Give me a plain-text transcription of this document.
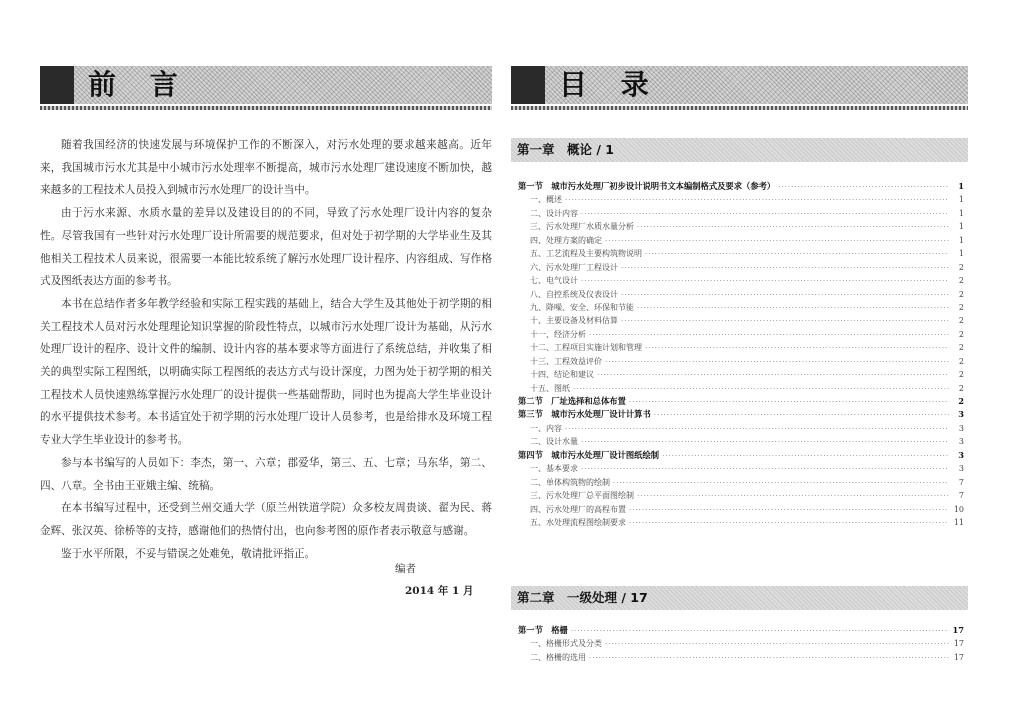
前 言

随着我国经济的快速发展与环境保护工作的不断深入，对污水处理的要求越来越高。近年来，我国城市污水尤其是中小城市污水处理率不断提高，城市污水处理厂建设速度不断加快，越来越多的工程技术人员投入到城市污水处理厂的设计当中。

由于污水来源、水质水量的差异以及建设目的的不同，导致了污水处理厂设计内容的复杂性。尽管我国有一些针对污水处理厂设计所需要的规范要求，但对处于初学期的大学毕业生及其他相关工程技术人员来说，很需要一本能比较系统了解污水处理厂设计程序、内容组成、写作格式及图纸表达方面的参考书。

本书在总结作者多年教学经验和实际工程实践的基础上，结合大学生及其他处于初学期的相关工程技术人员对污水处理理论知识掌握的阶段性特点，以城市污水处理厂设计为基础，从污水处理厂设计的程序、设计文件的编制、设计内容的基本要求等方面进行了系统总结，并收集了相关的典型实际工程图纸，以明确实际工程图纸的表达方式与设计深度，力图为处于初学期的相关工程技术人员快速熟练掌握污水处理厂的设计提供一些基础帮助，同时也为提高大学生毕业设计的水平提供技术参考。本书适宜处于初学期的污水处理厂设计人员参考，也是给排水及环境工程专业大学生毕业设计的参考书。

参与本书编写的人员如下：李杰，第一、六章；郡爱华，第三、五、七章；马东华，第二、四、八章。全书由王亚娥主编、统稿。

在本书编写过程中，还受到兰州交通大学（原兰州铁道学院）众多校友周贵谈、翟为民、蒋金辉、张汉英、徐桥等的支持，感谢他们的热情付出，也向参考图的原作者表示敬意与感谢。

鉴于水平所限，不妥与错误之处难免，敬请批评指正。

编者
2014 年 1 月
目 录
第一章　概论 / 1
第一节　城市污水处理厂初步设计说明书文本编制格式及要求（参考） ·····	1
一、概述 ·····	1
二、设计内容 ·····	1
三、污水处理厂水质水量分析 ·····	1
四、处理方案的确定 ·····	1
五、工艺流程及主要构筑物说明 ·····	1
六、污水处理厂工程设计 ·····	2
七、电气设计 ·····	2
八、自控系统及仪表设计 ·····	2
九、降噪、安全、环保和节能 ·····	2
十、主要设备及材料估算 ·····	2
十一、经济分析 ·····	2
十二、工程项目实施计划和管理 ·····	2
十三、工程效益评价 ·····	2
十四、结论和建议 ·····	2
十五、图纸 ·····	2
第二节　厂址选择和总体布置 ·····	2
第三节　城市污水处理厂设计计算书 ·····	3
一、内容 ·····	3
二、设计水量 ·····	3
第四节　城市污水处理厂设计图纸绘制 ·····	3
一、基本要求 ·····	3
二、单体构筑物的绘制 ·····	7
三、污水处理厂总平面图绘制 ·····	7
四、污水处理厂的高程布置 ·····	10
五、水处理流程图绘制要求 ·····	11
第二章　一级处理 / 17
第一节　格栅 ·····	17
一、格栅形式及分类 ·····	17
二、格栅的选用 ·····	17
